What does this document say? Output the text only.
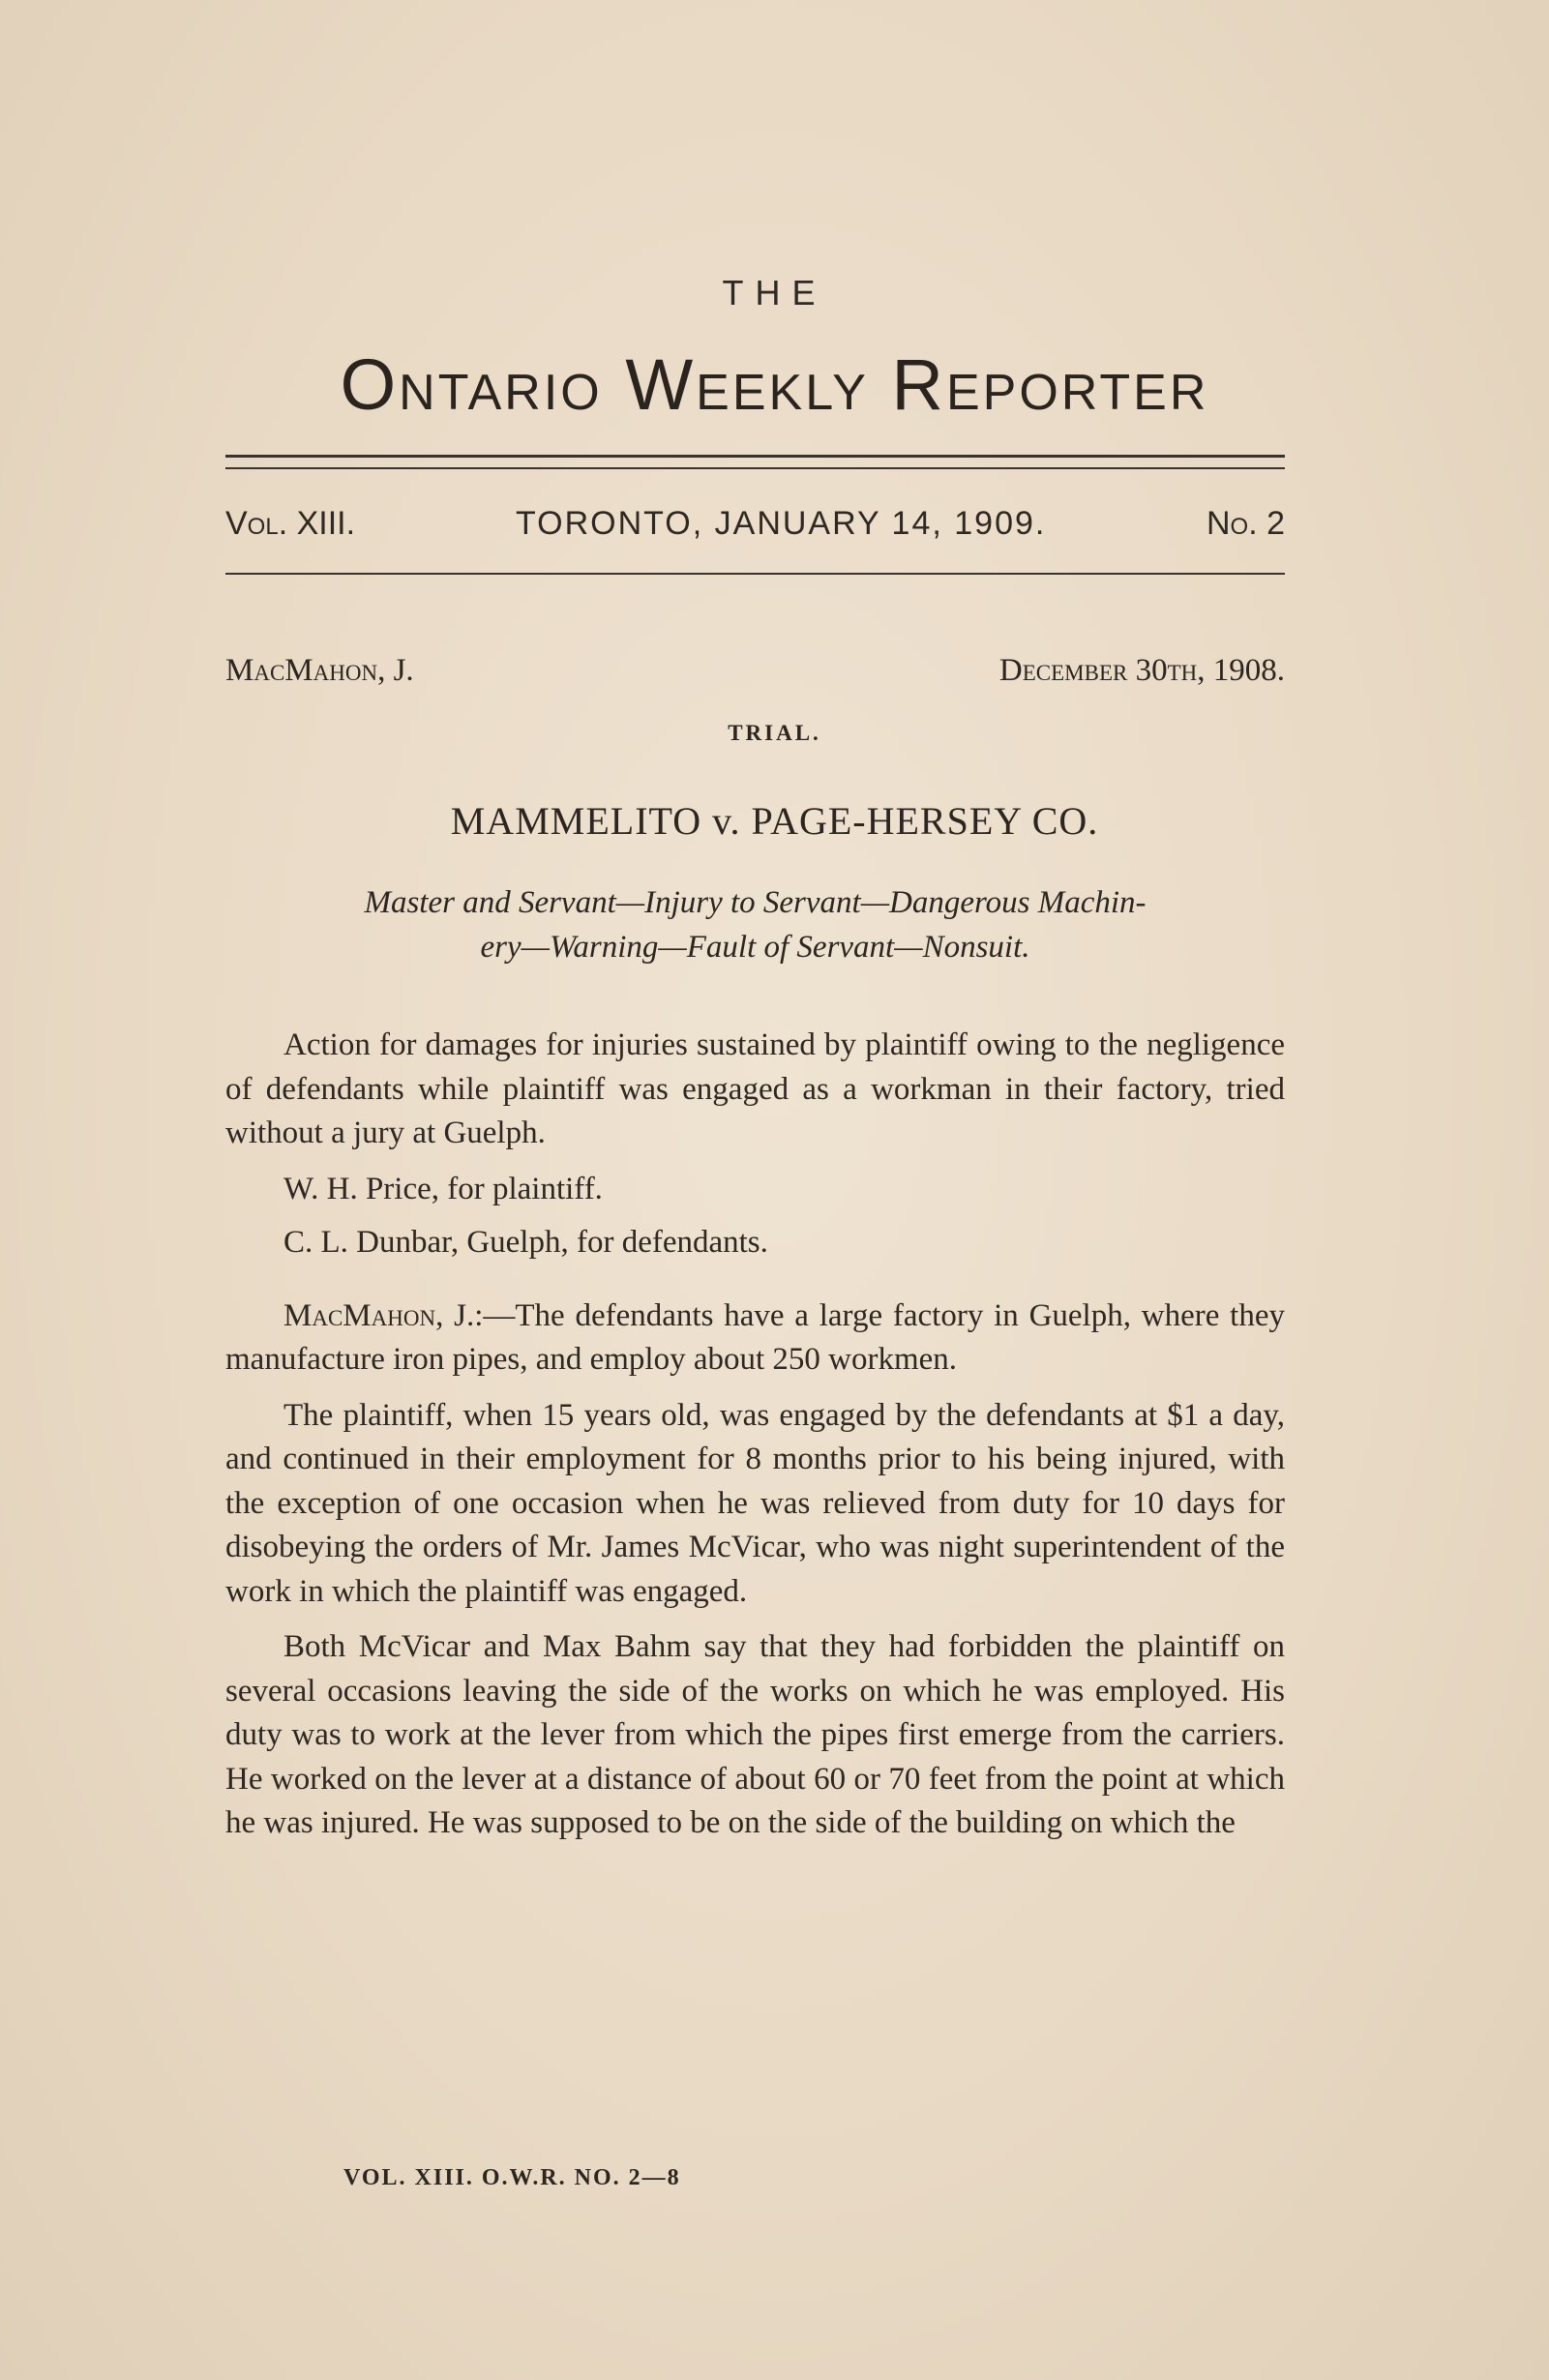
THE
Ontario Weekly Reporter
Vol. XIII.	TORONTO, JANUARY 14, 1909.	No. 2
MacMahon, J.	December 30th, 1908.
TRIAL.
MAMMELITO v. PAGE-HERSEY CO.
Master and Servant—Injury to Servant—Dangerous Machin-
ery—Warning—Fault of Servant—Nonsuit.

Action for damages for injuries sustained by plaintiff owing to the negligence of defendants while plaintiff was engaged as a workman in their factory, tried without a jury at Guelph.

W. H. Price, for plaintiff.

C. L. Dunbar, Guelph, for defendants.

MacMahon, J.:—The defendants have a large factory in Guelph, where they manufacture iron pipes, and employ about 250 workmen.

The plaintiff, when 15 years old, was engaged by the defendants at $1 a day, and continued in their employment for 8 months prior to his being injured, with the exception of one occasion when he was relieved from duty for 10 days for disobeying the orders of Mr. James McVicar, who was night superintendent of the work in which the plaintiff was engaged.

Both McVicar and Max Bahm say that they had forbidden the plaintiff on several occasions leaving the side of the works on which he was employed. His duty was to work at the lever from which the pipes first emerge from the carriers. He worked on the lever at a distance of about 60 or 70 feet from the point at which he was injured. He was supposed to be on the side of the building on which the

VOL. XIII. O.W.R. NO. 2—8
